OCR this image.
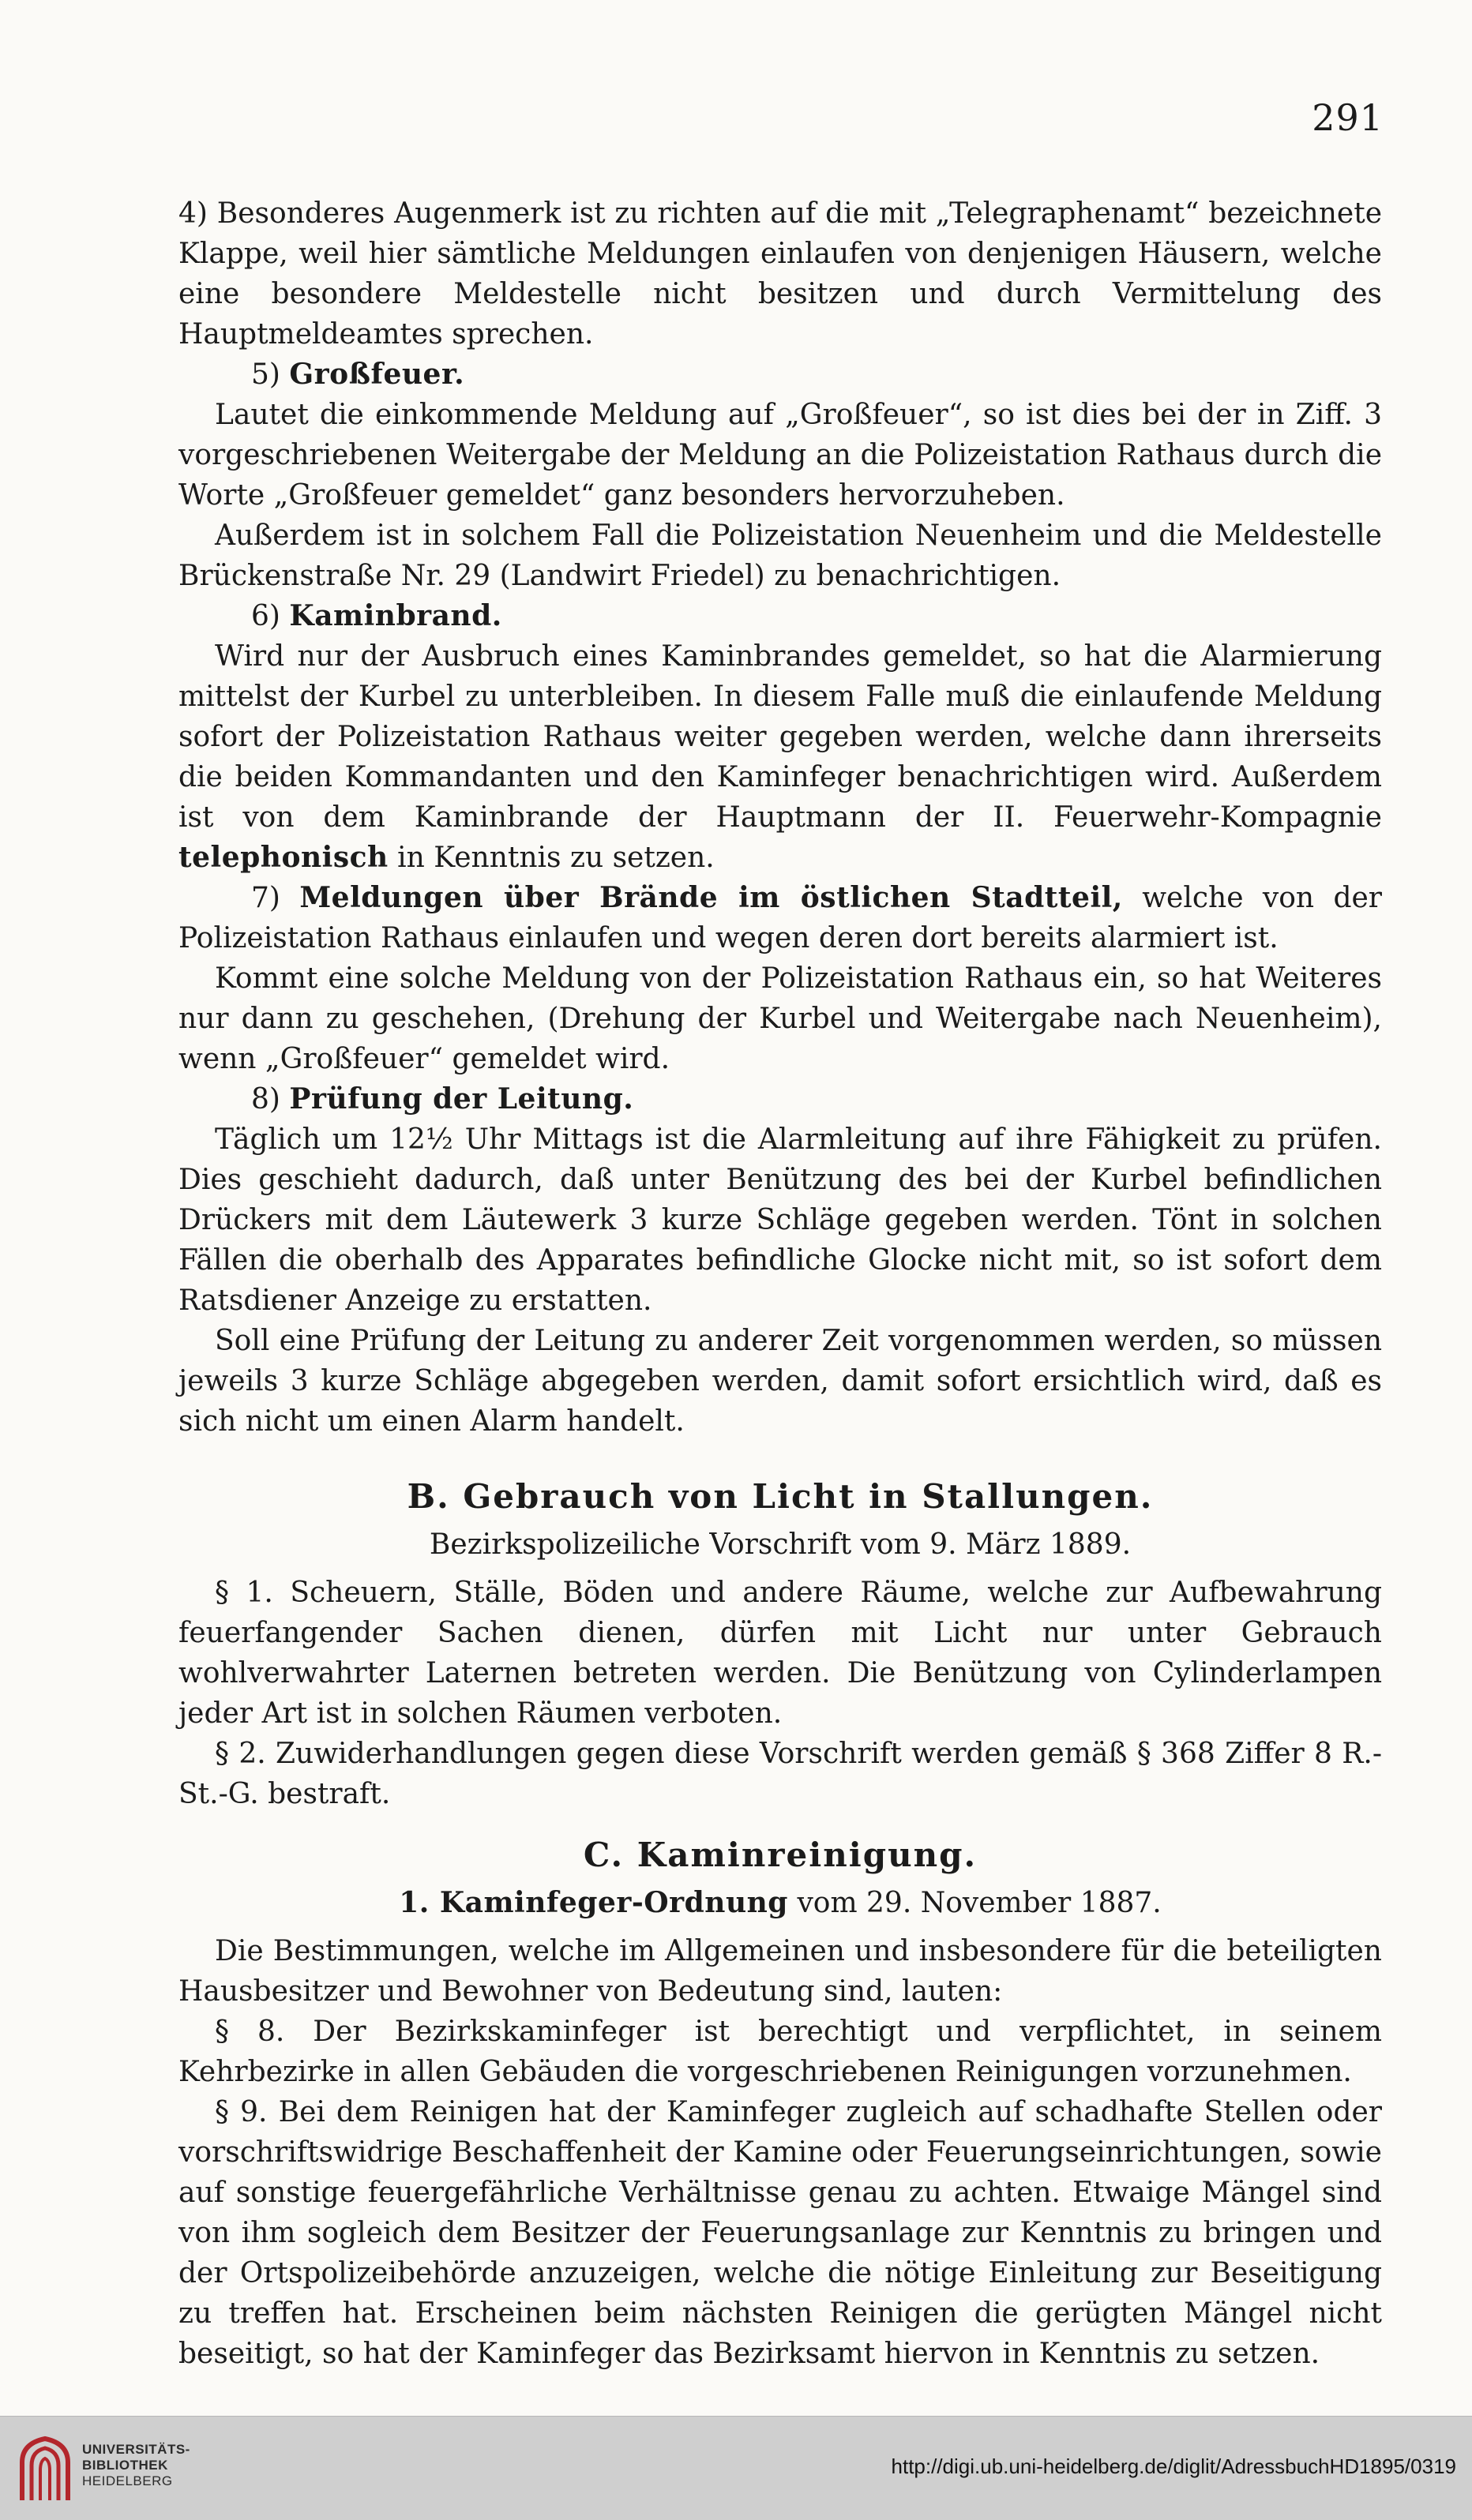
291

4) Besonderes Augenmerk ist zu richten auf die mit „Telegraphenamt“ bezeichnete Klappe, weil hier sämtliche Meldungen einlaufen von denjenigen Häusern, welche eine besondere Meldestelle nicht besitzen und durch Vermittelung des Hauptmeldeamtes sprechen.

5) Großfeuer.

Lautet die einkommende Meldung auf „Großfeuer“, so ist dies bei der in Ziff. 3 vorgeschriebenen Weitergabe der Meldung an die Polizeistation Rathaus durch die Worte „Großfeuer gemeldet“ ganz besonders hervorzuheben.

Außerdem ist in solchem Fall die Polizeistation Neuenheim und die Meldestelle Brückenstraße Nr. 29 (Landwirt Friedel) zu benachrichtigen.

6) Kaminbrand.

Wird nur der Ausbruch eines Kaminbrandes gemeldet, so hat die Alarmierung mittelst der Kurbel zu unterbleiben. In diesem Falle muß die einlaufende Meldung sofort der Polizeistation Rathaus weiter gegeben werden, welche dann ihrerseits die beiden Kommandanten und den Kaminfeger benachrichtigen wird. Außerdem ist von dem Kaminbrande der Hauptmann der II. Feuerwehr-Kompagnie telephonisch in Kenntnis zu setzen.

7) Meldungen über Brände im östlichen Stadtteil, welche von der Polizeistation Rathaus einlaufen und wegen deren dort bereits alarmiert ist.

Kommt eine solche Meldung von der Polizeistation Rathaus ein, so hat Weiteres nur dann zu geschehen, (Drehung der Kurbel und Weitergabe nach Neuenheim), wenn „Großfeuer“ gemeldet wird.

8) Prüfung der Leitung.

Täglich um 12½ Uhr Mittags ist die Alarmleitung auf ihre Fähigkeit zu prüfen. Dies geschieht dadurch, daß unter Benützung des bei der Kurbel befindlichen Drückers mit dem Läutewerk 3 kurze Schläge gegeben werden. Tönt in solchen Fällen die oberhalb des Apparates befindliche Glocke nicht mit, so ist sofort dem Ratsdiener Anzeige zu erstatten.

Soll eine Prüfung der Leitung zu anderer Zeit vorgenommen werden, so müssen jeweils 3 kurze Schläge abgegeben werden, damit sofort ersichtlich wird, daß es sich nicht um einen Alarm handelt.

B. Gebrauch von Licht in Stallungen.

Bezirkspolizeiliche Vorschrift vom 9. März 1889.

§ 1. Scheuern, Ställe, Böden und andere Räume, welche zur Aufbewahrung feuerfangender Sachen dienen, dürfen mit Licht nur unter Gebrauch wohlverwahrter Laternen betreten werden. Die Benützung von Cylinderlampen jeder Art ist in solchen Räumen verboten.

§ 2. Zuwiderhandlungen gegen diese Vorschrift werden gemäß § 368 Ziffer 8 R.-St.-G. bestraft.

C. Kaminreinigung.

1. Kaminfeger-Ordnung vom 29. November 1887.

Die Bestimmungen, welche im Allgemeinen und insbesondere für die beteiligten Hausbesitzer und Bewohner von Bedeutung sind, lauten:

§ 8. Der Bezirkskaminfeger ist berechtigt und verpflichtet, in seinem Kehrbezirke in allen Gebäuden die vorgeschriebenen Reinigungen vorzunehmen.

§ 9. Bei dem Reinigen hat der Kaminfeger zugleich auf schadhafte Stellen oder vorschriftswidrige Beschaffenheit der Kamine oder Feuerungseinrichtungen, sowie auf sonstige feuergefährliche Verhältnisse genau zu achten. Etwaige Mängel sind von ihm sogleich dem Besitzer der Feuerungsanlage zur Kenntnis zu bringen und der Ortspolizeibehörde anzuzeigen, welche die nötige Einleitung zur Beseitigung zu treffen hat. Erscheinen beim nächsten Reinigen die gerügten Mängel nicht beseitigt, so hat der Kaminfeger das Bezirksamt hiervon in Kenntnis zu setzen.

UNIVERSITÄTS-
BIBLIOTHEK
HEIDELBERG
http://digi.ub.uni-heidelberg.de/diglit/AdressbuchHD1895/0319
